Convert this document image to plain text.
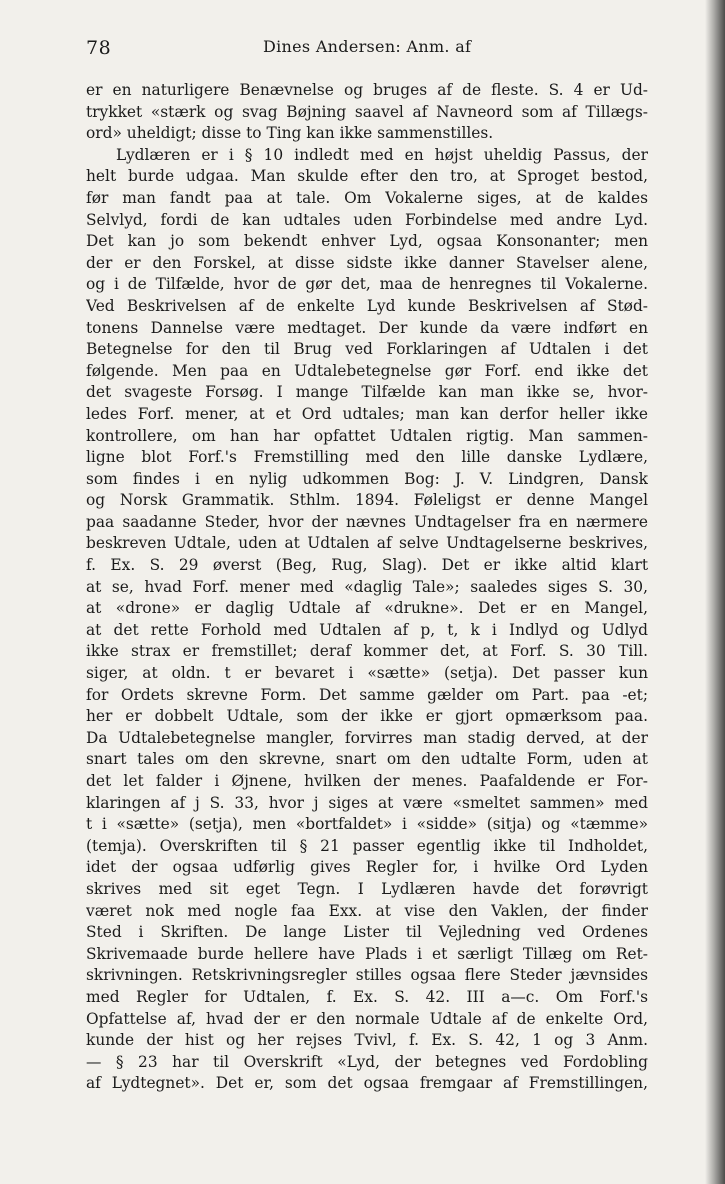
78	Dines Andersen: Anm. af
er en naturligere Benævnelse og bruges af de fleste. S. 4 er Ud-
trykket «stærk og svag Bøjning saavel af Navneord som af Tillægs-
ord» uheldigt; disse to Ting kan ikke sammenstilles.
Lydlæren er i § 10 indledt med en højst uheldig Passus, der
helt burde udgaa. Man skulde efter den tro, at Sproget bestod,
før man fandt paa at tale. Om Vokalerne siges, at de kaldes
Selvlyd, fordi de kan udtales uden Forbindelse med andre Lyd.
Det kan jo som bekendt enhver Lyd, ogsaa Konsonanter; men
der er den Forskel, at disse sidste ikke danner Stavelser alene,
og i de Tilfælde, hvor de gør det, maa de henregnes til Vokalerne.
Ved Beskrivelsen af de enkelte Lyd kunde Beskrivelsen af Stød-
tonens Dannelse være medtaget. Der kunde da være indført en
Betegnelse for den til Brug ved Forklaringen af Udtalen i det
følgende. Men paa en Udtalebetegnelse gør Forf. end ikke det
det svageste Forsøg. I mange Tilfælde kan man ikke se, hvor-
ledes Forf. mener, at et Ord udtales; man kan derfor heller ikke
kontrollere, om han har opfattet Udtalen rigtig. Man sammen-
ligne blot Forf.'s Fremstilling med den lille danske Lydlære,
som findes i en nylig udkommen Bog: J. V. Lindgren, Dansk
og Norsk Grammatik. Sthlm. 1894. Føleligst er denne Mangel
paa saadanne Steder, hvor der nævnes Undtagelser fra en nærmere
beskreven Udtale, uden at Udtalen af selve Undtagelserne beskrives,
f. Ex. S. 29 øverst (Beg, Rug, Slag). Det er ikke altid klart
at se, hvad Forf. mener med «daglig Tale»; saaledes siges S. 30,
at «drone» er daglig Udtale af «drukne». Det er en Mangel,
at det rette Forhold med Udtalen af p, t, k i Indlyd og Udlyd
ikke strax er fremstillet; deraf kommer det, at Forf. S. 30 Till.
siger, at oldn. t er bevaret i «sætte» (setja). Det passer kun
for Ordets skrevne Form. Det samme gælder om Part. paa -et;
her er dobbelt Udtale, som der ikke er gjort opmærksom paa.
Da Udtalebetegnelse mangler, forvirres man stadig derved, at der
snart tales om den skrevne, snart om den udtalte Form, uden at
det let falder i Øjnene, hvilken der menes. Paafaldende er For-
klaringen af j S. 33, hvor j siges at være «smeltet sammen» med
t i «sætte» (setja), men «bortfaldet» i «sidde» (sitja) og «tæmme»
(temja). Overskriften til § 21 passer egentlig ikke til Indholdet,
idet der ogsaa udførlig gives Regler for, i hvilke Ord Lyden
skrives med sit eget Tegn. I Lydlæren havde det forøvrigt
været nok med nogle faa Exx. at vise den Vaklen, der finder
Sted i Skriften. De lange Lister til Vejledning ved Ordenes
Skrivemaade burde hellere have Plads i et særligt Tillæg om Ret-
skrivningen. Retskrivningsregler stilles ogsaa flere Steder jævnsides
med Regler for Udtalen, f. Ex. S. 42. III a—c. Om Forf.'s
Opfattelse af, hvad der er den normale Udtale af de enkelte Ord,
kunde der hist og her rejses Tvivl, f. Ex. S. 42, 1 og 3 Anm.
— § 23 har til Overskrift «Lyd, der betegnes ved Fordobling
af Lydtegnet». Det er, som det ogsaa fremgaar af Fremstillingen,
